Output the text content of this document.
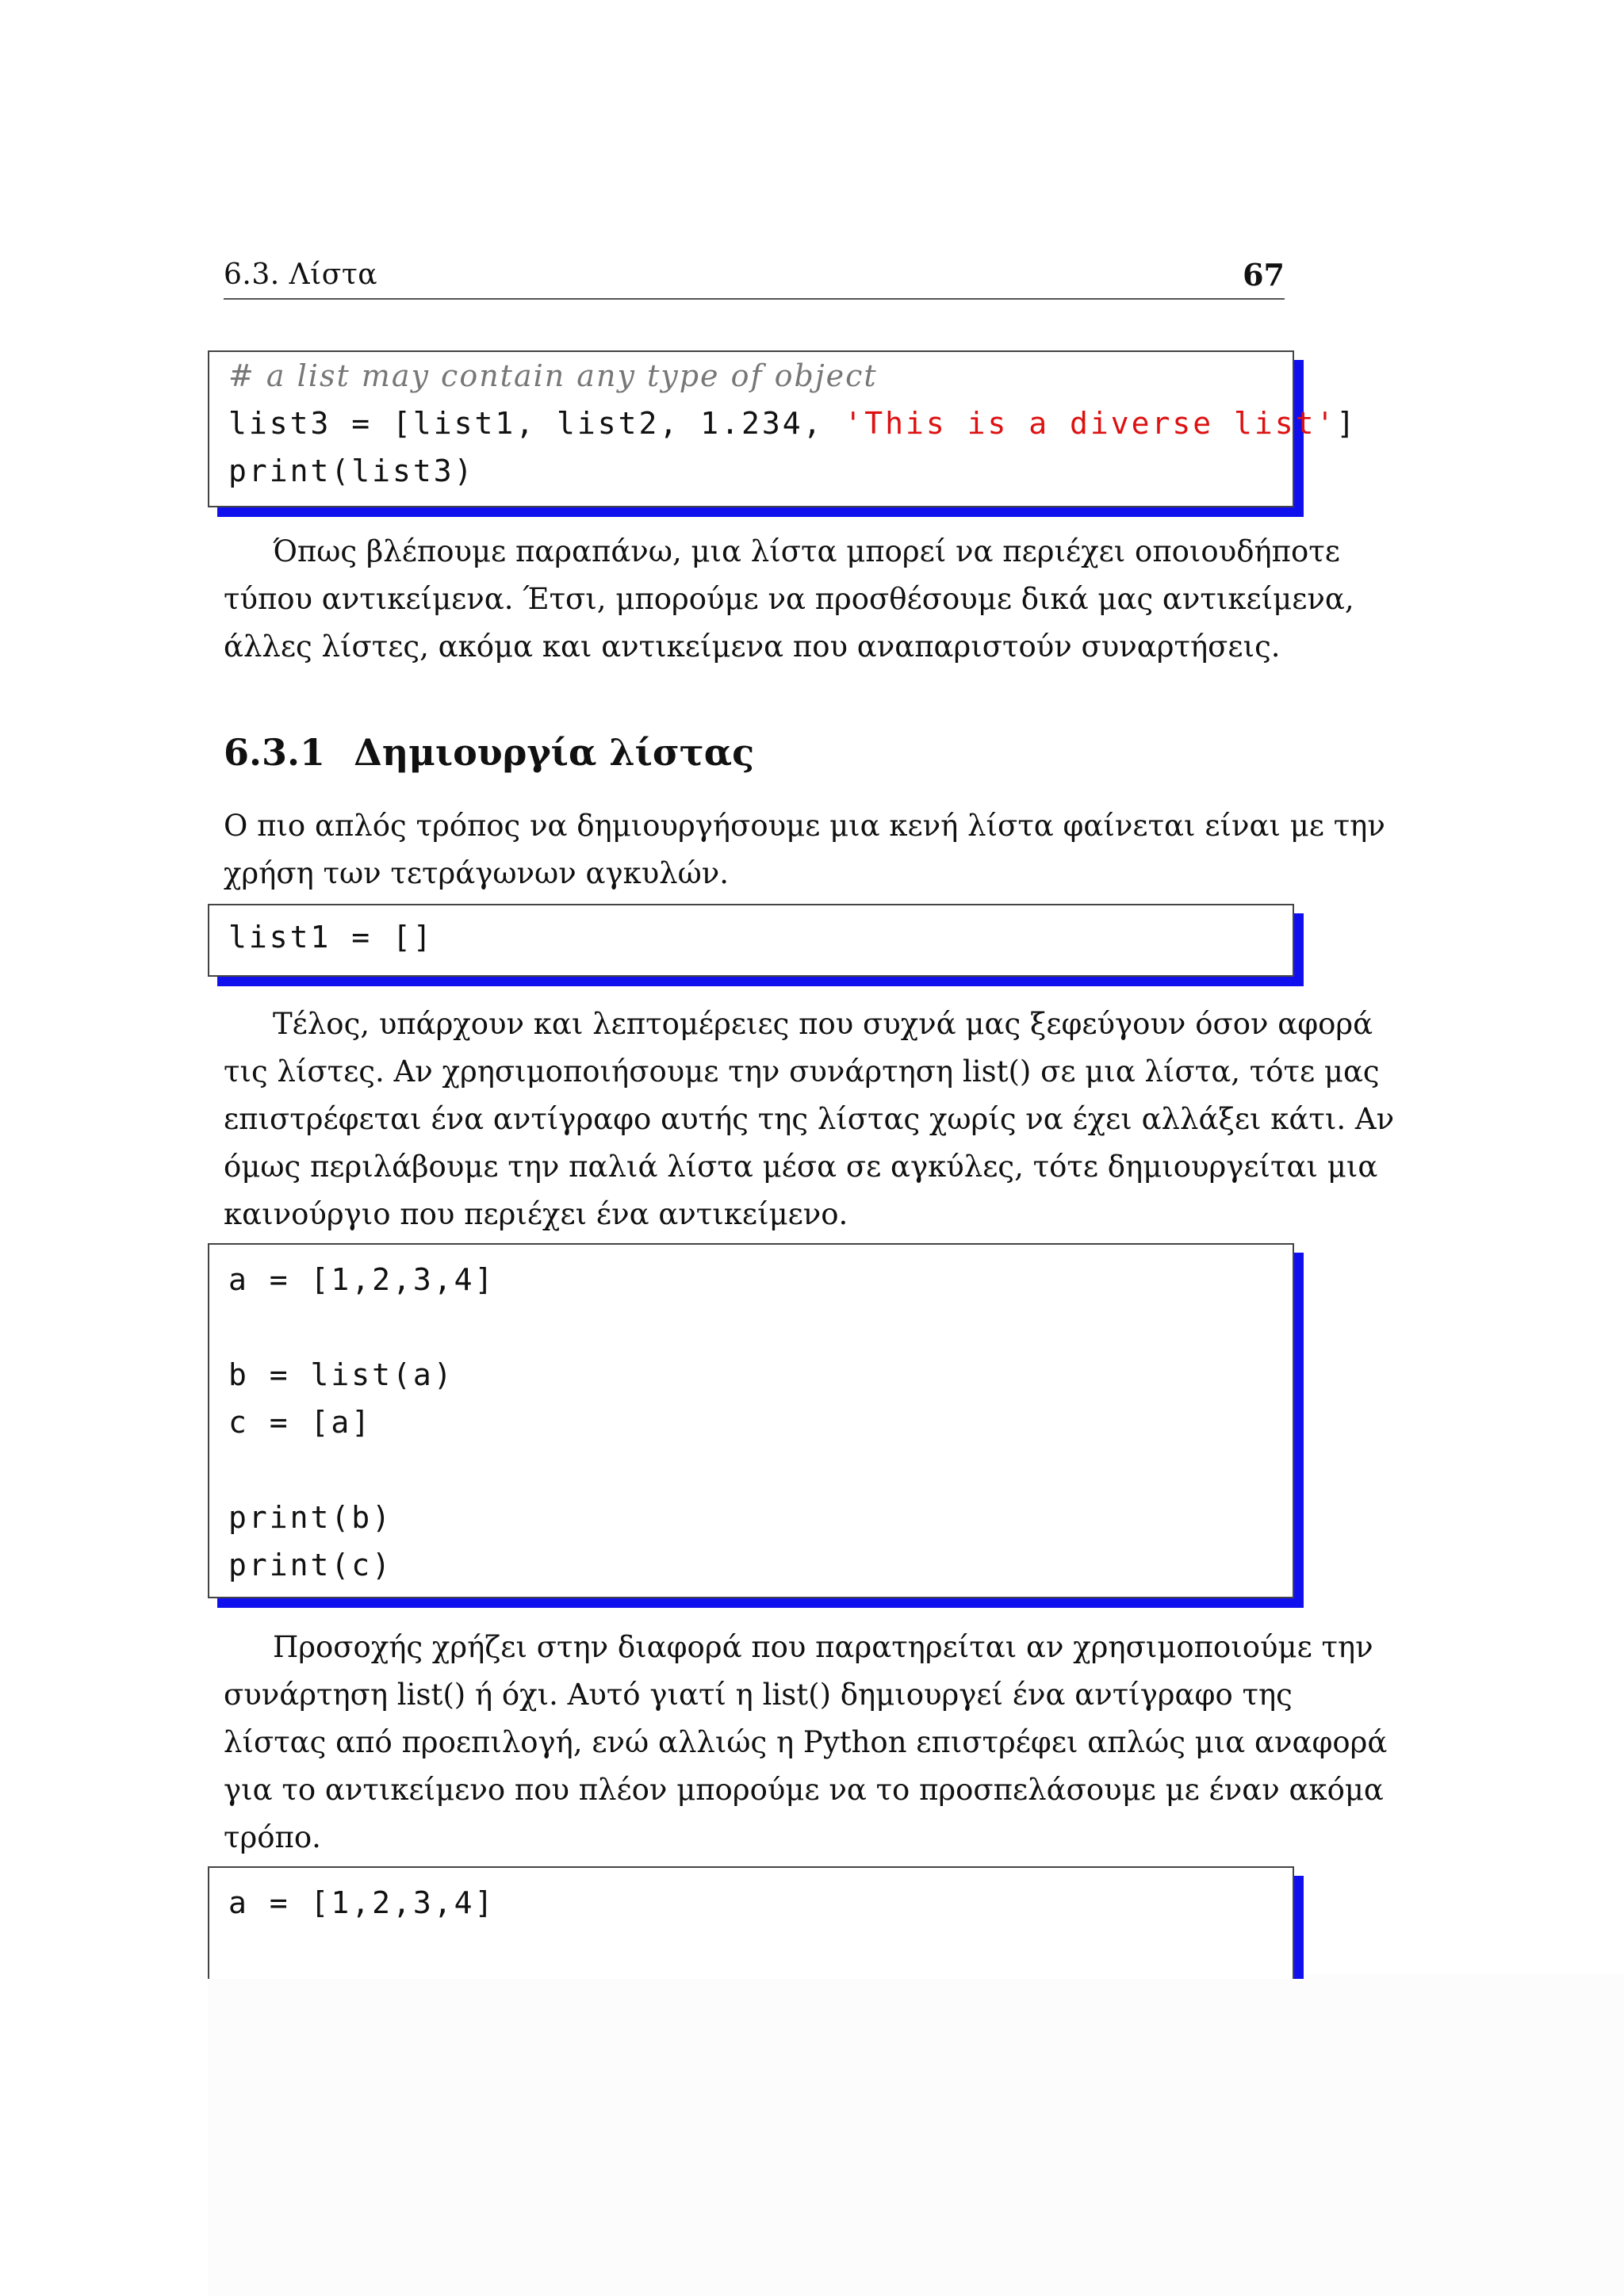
6.3. Λίστα	67
# a list may contain any type of object
list3 = [list1, list2, 1.234, 'This is a diverse list']
print(list3)
Όπως βλέπουμε παραπάνω, μια λίστα μπορεί να περιέχει οποιουδήποτε
τύπου αντικείμενα. Έτσι, μπορούμε να προσθέσουμε δικά μας αντικείμενα,
άλλες λίστες, ακόμα και αντικείμενα που αναπαριστούν συναρτήσεις.
6.3.1 Δημιουργία λίστας
Ο πιο απλός τρόπος να δημιουργήσουμε μια κενή λίστα φαίνεται είναι με την
χρήση των τετράγωνων αγκυλών.
list1 = []
Τέλος, υπάρχουν και λεπτομέρειες που συχνά μας ξεφεύγουν όσον αφορά
τις λίστες. Αν χρησιμοποιήσουμε την συνάρτηση list() σε μια λίστα, τότε μας
επιστρέφεται ένα αντίγραφο αυτής της λίστας χωρίς να έχει αλλάξει κάτι. Αν
όμως περιλάβουμε την παλιά λίστα μέσα σε αγκύλες, τότε δημιουργείται μια
καινούργιο που περιέχει ένα αντικείμενο.
a = [1,2,3,4]
b = list(a)
c = [a]
print(b)
print(c)
Προσοχής χρήζει στην διαφορά που παρατηρείται αν χρησιμοποιούμε την
συνάρτηση list() ή όχι. Αυτό γιατί η list() δημιουργεί ένα αντίγραφο της
λίστας από προεπιλογή, ενώ αλλιώς η Python επιστρέφει απλώς μια αναφορά
για το αντικείμενο που πλέον μπορούμε να το προσπελάσουμε με έναν ακόμα
τρόπο.
a = [1,2,3,4]
